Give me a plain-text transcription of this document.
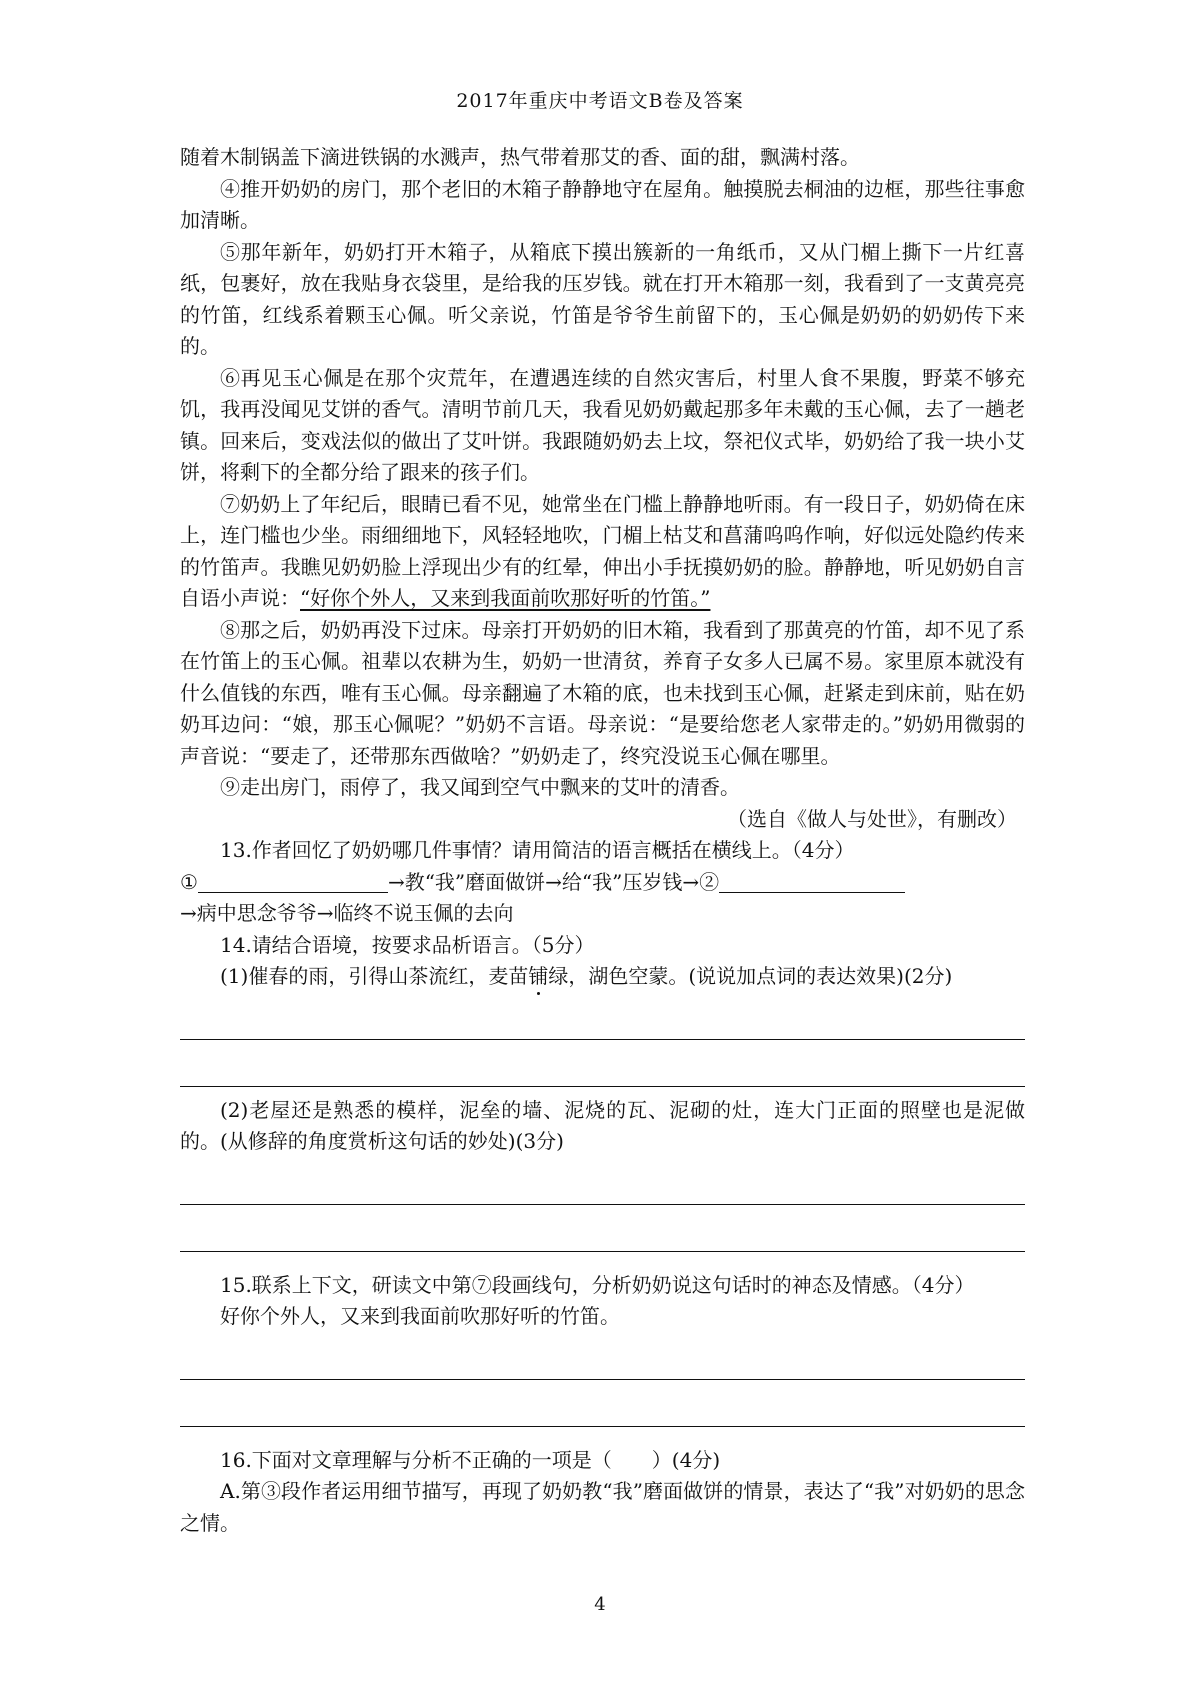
2017年重庆中考语文B卷及答案

随着木制锅盖下滴进铁锅的水溅声，热气带着那艾的香、面的甜，飘满村落。

④推开奶奶的房门，那个老旧的木箱子静静地守在屋角。触摸脱去桐油的边框，那些往事愈加清晰。

⑤那年新年，奶奶打开木箱子，从箱底下摸出簇新的一角纸币，又从门楣上撕下一片红喜纸，包裹好，放在我贴身衣袋里，是给我的压岁钱。就在打开木箱那一刻，我看到了一支黄亮亮的竹笛，红线系着颗玉心佩。听父亲说，竹笛是爷爷生前留下的，玉心佩是奶奶的奶奶传下来的。

⑥再见玉心佩是在那个灾荒年，在遭遇连续的自然灾害后，村里人食不果腹，野菜不够充饥，我再没闻见艾饼的香气。清明节前几天，我看见奶奶戴起那多年未戴的玉心佩，去了一趟老镇。回来后，变戏法似的做出了艾叶饼。我跟随奶奶去上坟，祭祀仪式毕，奶奶给了我一块小艾饼，将剩下的全都分给了跟来的孩子们。

⑦奶奶上了年纪后，眼睛已看不见，她常坐在门槛上静静地听雨。有一段日子，奶奶倚在床上，连门槛也少坐。雨细细地下，风轻轻地吹，门楣上枯艾和菖蒲呜呜作响，好似远处隐约传来的竹笛声。我瞧见奶奶脸上浮现出少有的红晕，伸出小手抚摸奶奶的脸。静静地，听见奶奶自言自语小声说：“好你个外人，又来到我面前吹那好听的竹笛。”

⑧那之后，奶奶再没下过床。母亲打开奶奶的旧木箱，我看到了那黄亮的竹笛，却不见了系在竹笛上的玉心佩。祖辈以农耕为生，奶奶一世清贫，养育子女多人已属不易。家里原本就没有什么值钱的东西，唯有玉心佩。母亲翻遍了木箱的底，也未找到玉心佩，赶紧走到床前，贴在奶奶耳边问：“娘，那玉心佩呢？”奶奶不言语。母亲说：“是要给您老人家带走的。”奶奶用微弱的声音说：“要走了，还带那东西做啥？”奶奶走了，终究没说玉心佩在哪里。

⑨走出房门，雨停了，我又闻到空气中飘来的艾叶的清香。

（选自《做人与处世》，有删改）

13.作者回忆了奶奶哪几件事情？请用简洁的语言概括在横线上。（4分）

①	→教“我”磨面做饼→给“我”压岁钱→②

→病中思念爷爷→临终不说玉佩的去向

14.请结合语境，按要求品析语言。（5分）

(1)催春的雨，引得山茶流红，麦苗铺绿，湖色空蒙。(说说加点词的表达效果)(2分)

(2)老屋还是熟悉的模样，泥垒的墙、泥烧的瓦、泥砌的灶，连大门正面的照壁也是泥做的。(从修辞的角度赏析这句话的妙处)(3分)

15.联系上下文，研读文中第⑦段画线句，分析奶奶说这句话时的神态及情感。（4分）

好你个外人，又来到我面前吹那好听的竹笛。

16.下面对文章理解与分析不正确的一项是（　　）(4分)

A.第③段作者运用细节描写，再现了奶奶教“我”磨面做饼的情景，表达了“我”对奶奶的思念之情。

4
